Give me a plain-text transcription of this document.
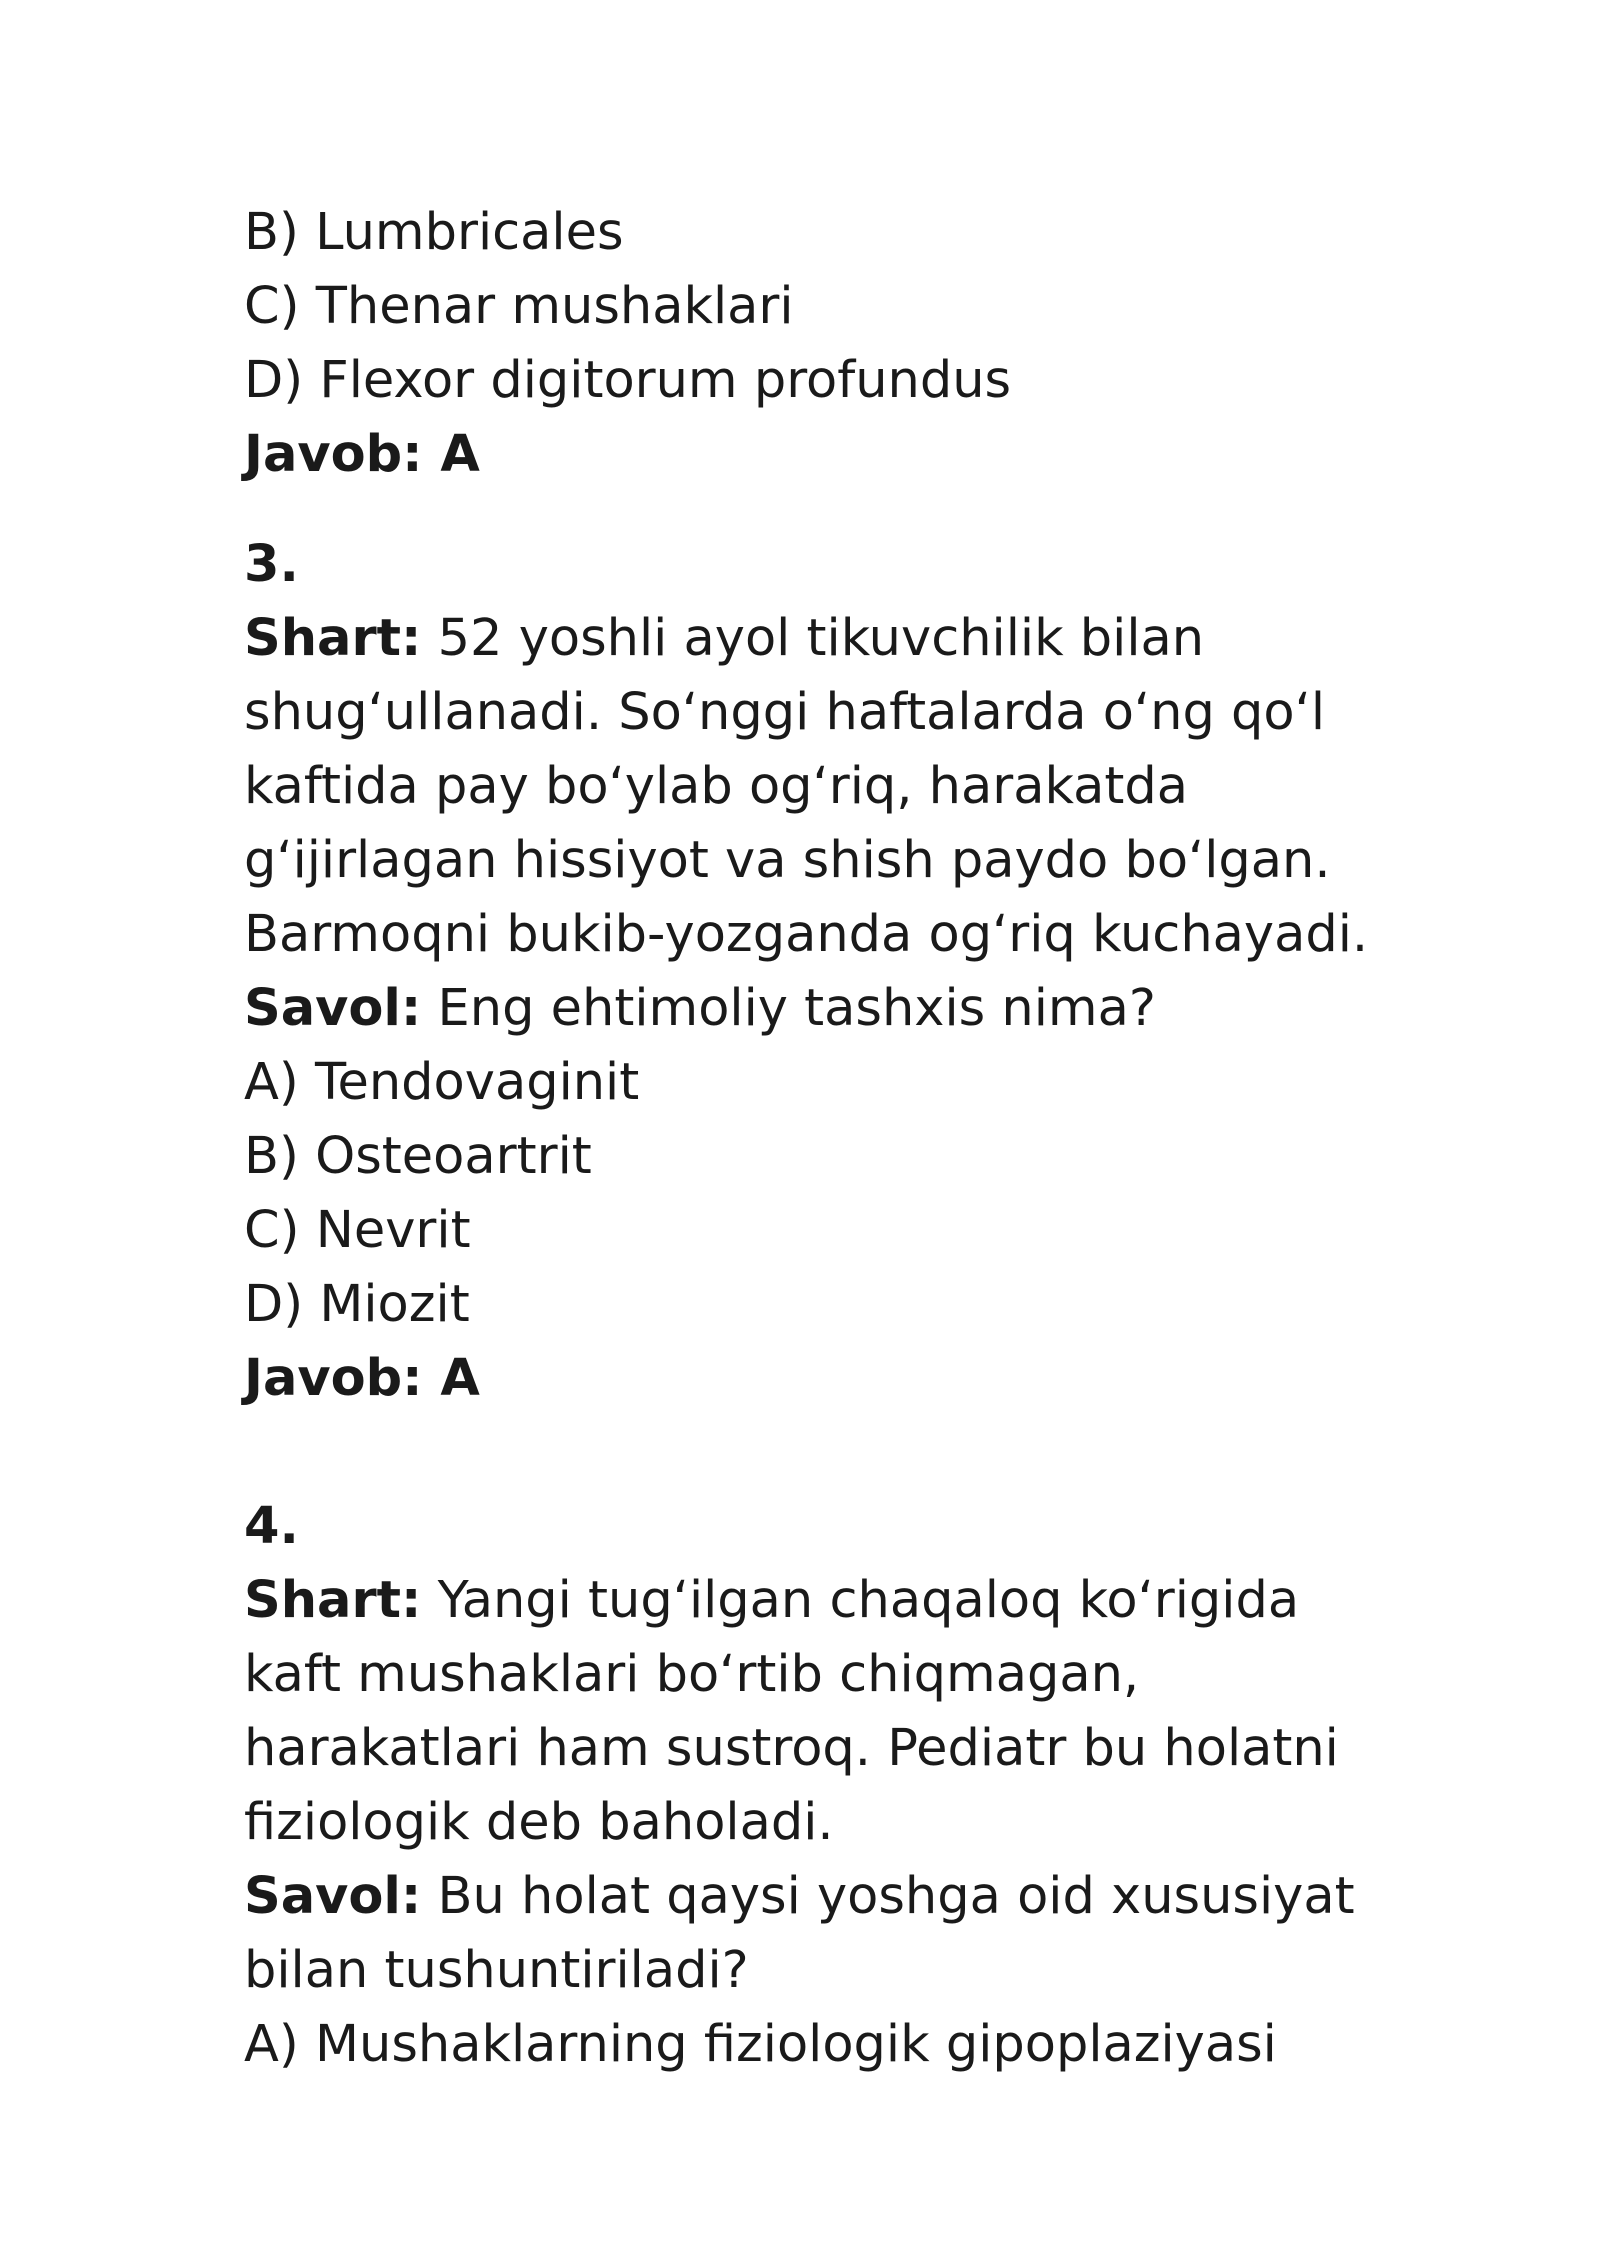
B) Lumbricales

C) Thenar mushaklari

D) Flexor digitorum profundus

Javob: A

3.

Shart: 52 yoshli ayol tikuvchilik bilan

shug‘ullanadi. So‘nggi haftalarda o‘ng qo‘l

kaftida pay bo‘ylab og‘riq, harakatda

g‘ijirlagan hissiyot va shish paydo bo‘lgan.

Barmoqni bukib-yozganda og‘riq kuchayadi.

Savol: Eng ehtimoliy tashxis nima?

A) Tendovaginit

B) Osteoartrit

C) Nevrit

D) Miozit

Javob: A

4.

Shart: Yangi tug‘ilgan chaqaloq ko‘rigida

kaft mushaklari bo‘rtib chiqmagan,

harakatlari ham sustroq. Pediatr bu holatni

fiziologik deb baholadi.

Savol: Bu holat qaysi yoshga oid xususiyat

bilan tushuntiriladi?

A) Mushaklarning fiziologik gipoplaziyasi
